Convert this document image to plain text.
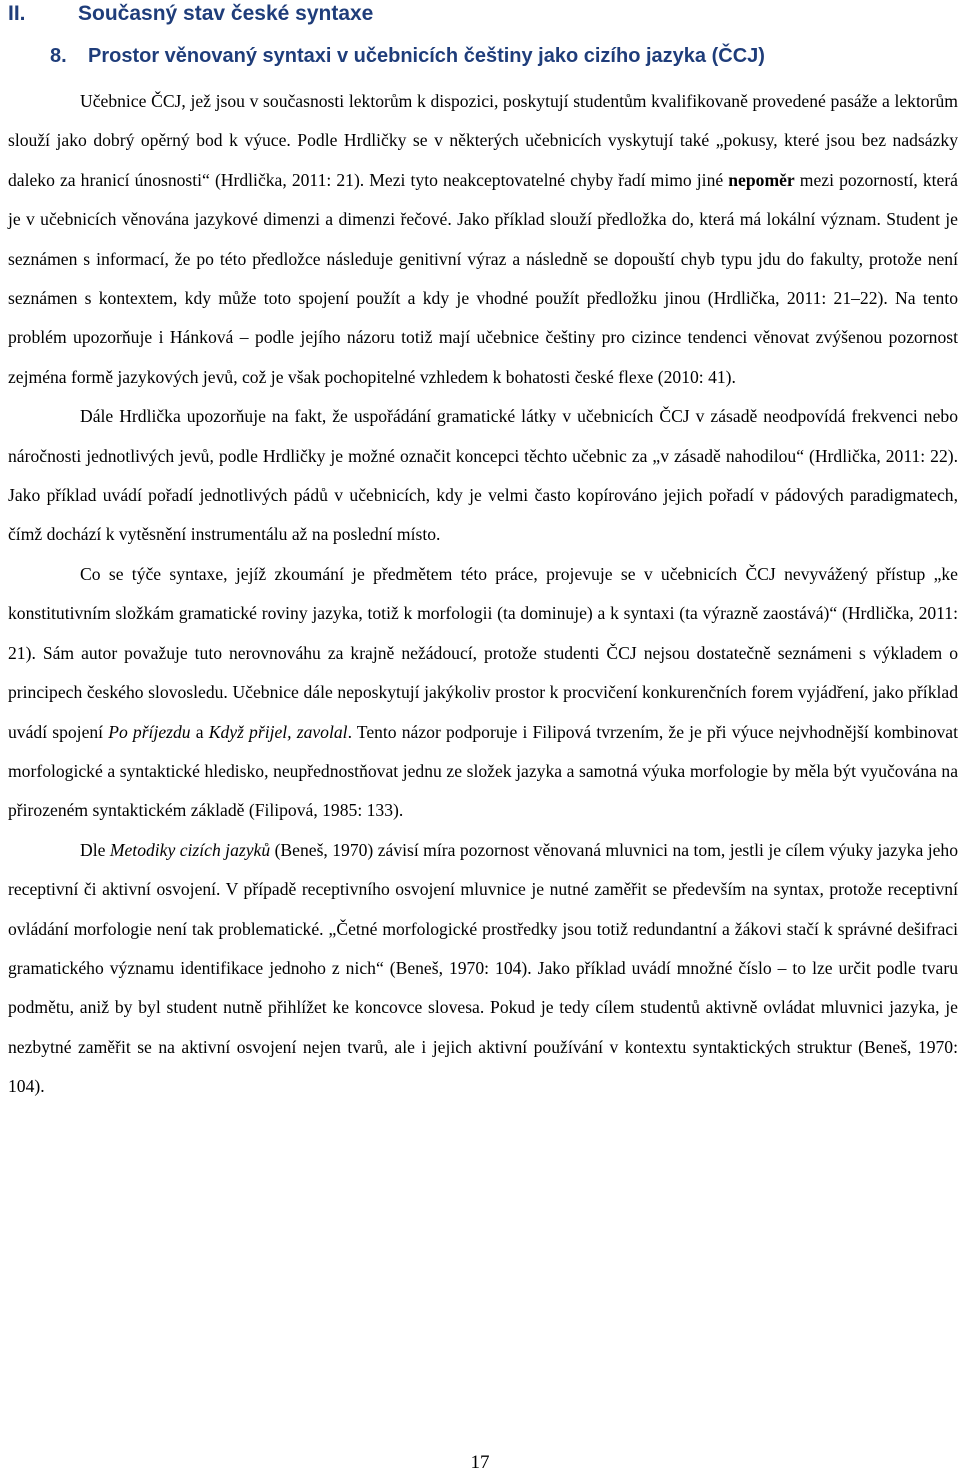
II. Současný stav české syntaxe
8. Prostor věnovaný syntaxi v učebnicích češtiny jako cizího jazyka (ČCJ)

Učebnice ČCJ, jež jsou v současnosti lektorům k dispozici, poskytují studentům kvalifikovaně provedené pasáže a lektorům slouží jako dobrý opěrný bod k výuce. Podle Hrdličky se v některých učebnicích vyskytují také „pokusy, které jsou bez nadsázky daleko za hranicí únosnosti“ (Hrdlička, 2011: 21). Mezi tyto neakceptovatelné chyby řadí mimo jiné nepoměr mezi pozorností, která je v učebnicích věnována jazykové dimenzi a dimenzi řečové. Jako příklad slouží předložka do, která má lokální význam. Student je seznámen s informací, že po této předložce následuje genitivní výraz a následně se dopouští chyb typu jdu do fakulty, protože není seznámen s kontextem, kdy může toto spojení použít a kdy je vhodné použít předložku jinou (Hrdlička, 2011: 21–22). Na tento problém upozorňuje i Hánková – podle jejího názoru totiž mají učebnice češtiny pro cizince tendenci věnovat zvýšenou pozornost zejména formě jazykových jevů, což je však pochopitelné vzhledem k bohatosti české flexe (2010: 41).

Dále Hrdlička upozorňuje na fakt, že uspořádání gramatické látky v učebnicích ČCJ v zásadě neodpovídá frekvenci nebo náročnosti jednotlivých jevů, podle Hrdličky je možné označit koncepci těchto učebnic za „v zásadě nahodilou“ (Hrdlička, 2011: 22). Jako příklad uvádí pořadí jednotlivých pádů v učebnicích, kdy je velmi často kopírováno jejich pořadí v pádových paradigmatech, čímž dochází k vytěsnění instrumentálu až na poslední místo.

Co se týče syntaxe, jejíž zkoumání je předmětem této práce, projevuje se v učebnicích ČCJ nevyvážený přístup „ke konstitutivním složkám gramatické roviny jazyka, totiž k morfologii (ta dominuje) a k syntaxi (ta výrazně zaostává)“ (Hrdlička, 2011: 21). Sám autor považuje tuto nerovnováhu za krajně nežádoucí, protože studenti ČCJ nejsou dostatečně seznámeni s výkladem o principech českého slovosledu. Učebnice dále neposkytují jakýkoliv prostor k procvičení konkurenčních forem vyjádření, jako příklad uvádí spojení Po příjezdu a Když přijel, zavolal. Tento názor podporuje i Filipová tvrzením, že je při výuce nejvhodnější kombinovat morfologické a syntaktické hledisko, neupřednostňovat jednu ze složek jazyka a samotná výuka morfologie by měla být vyučována na přirozeném syntaktickém základě (Filipová, 1985: 133).

Dle Metodiky cizích jazyků (Beneš, 1970) závisí míra pozornost věnovaná mluvnici na tom, jestli je cílem výuky jazyka jeho receptivní či aktivní osvojení. V případě receptivního osvojení mluvnice je nutné zaměřit se především na syntax, protože receptivní ovládání morfologie není tak problematické. „Četné morfologické prostředky jsou totiž redundantní a žákovi stačí k správné dešifraci gramatického významu identifikace jednoho z nich“ (Beneš, 1970: 104). Jako příklad uvádí množné číslo – to lze určit podle tvaru podmětu, aniž by byl student nutně přihlížet ke koncovce slovesa. Pokud je tedy cílem studentů aktivně ovládat mluvnici jazyka, je nezbytné zaměřit se na aktivní osvojení nejen tvarů, ale i jejich aktivní používání v kontextu syntaktických struktur (Beneš, 1970: 104).

17
